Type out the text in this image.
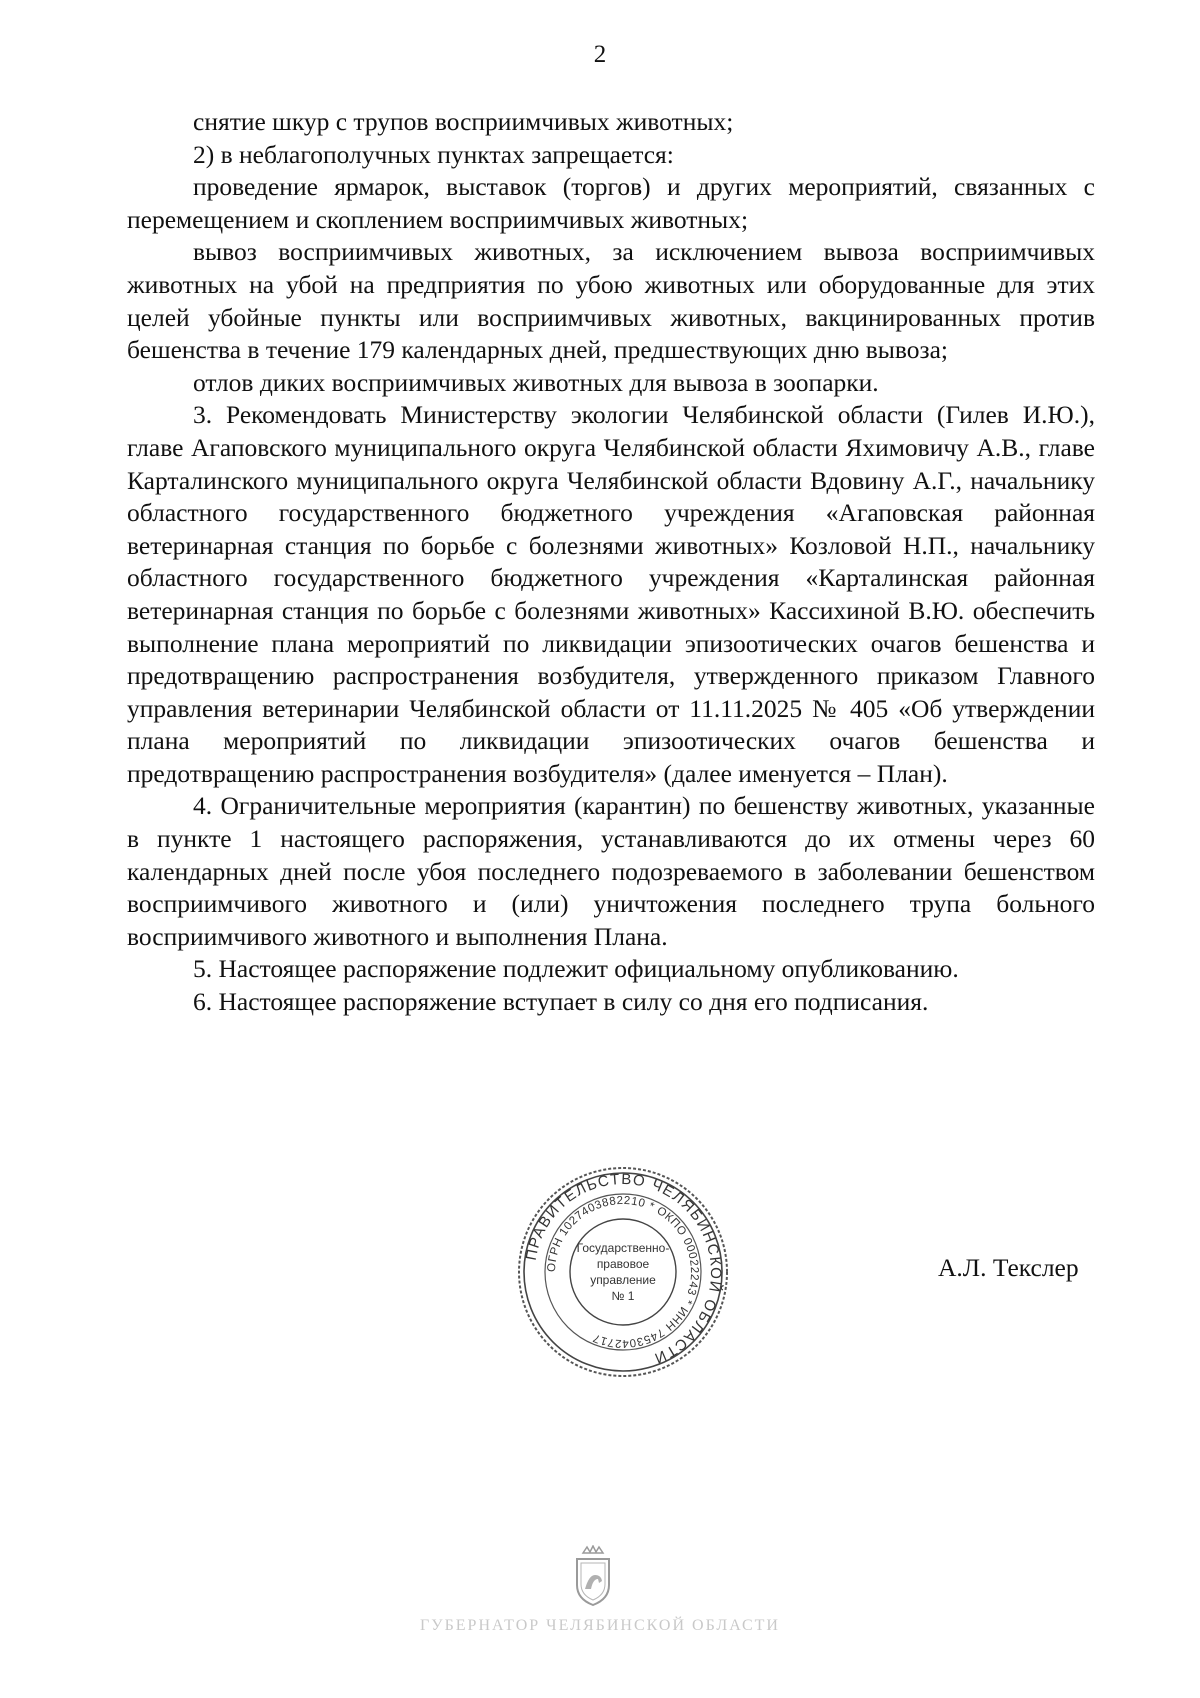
2

снятие шкур с трупов восприимчивых животных;

2) в неблагополучных пунктах запрещается:

проведение ярмарок, выставок (торгов) и других мероприятий, связанных с перемещением и скоплением восприимчивых животных;

вывоз восприимчивых животных, за исключением вывоза восприимчивых животных на убой на предприятия по убою животных или оборудованные для этих целей убойные пункты или восприимчивых животных, вакцинированных против бешенства в течение 179 календарных дней, предшествующих дню вывоза;

отлов диких восприимчивых животных для вывоза в зоопарки.

3. Рекомендовать Министерству экологии Челябинской области (Гилев И.Ю.), главе Агаповского муниципального округа Челябинской области Яхимовичу А.В., главе Карталинского муниципального округа Челябинской области Вдовину А.Г., начальнику областного государственного бюджетного учреждения «Агаповская районная ветеринарная станция по борьбе с болезнями животных» Козловой Н.П., начальнику областного государственного бюджетного учреждения «Карталинская районная ветеринарная станция по борьбе с болезнями животных» Кассихиной В.Ю. обеспечить выполнение плана мероприятий по ликвидации эпизоотических очагов бешенства и предотвращению распространения возбудителя, утвержденного приказом Главного управления ветеринарии Челябинской области от 11.11.2025 № 405 «Об утверждении плана мероприятий по ликвидации эпизоотических очагов бешенства и предотвращению распространения возбудителя» (далее именуется – План).

4. Ограничительные мероприятия (карантин) по бешенству животных, указанные в пункте 1 настоящего распоряжения, устанавливаются до их отмены через 60 календарных дней после убоя последнего подозреваемого в заболевании бешенством восприимчивого животного и (или) уничтожения последнего трупа больного восприимчивого животного и выполнения Плана.

5. Настоящее распоряжение подлежит официальному опубликованию.

6. Настоящее распоряжение вступает в силу со дня его подписания.

ПРАВИТЕЛЬСТВО ЧЕЛЯБИНСКОЙ ОБЛАСТИ
ОГРН 1027403882210 * ОКПО 00022243 * ИНН 7453042717
Государственно-
правовое
управление
№ 1
А.Л. Текслер
ГУБЕРНАТОР ЧЕЛЯБИНСКОЙ ОБЛАСТИ
